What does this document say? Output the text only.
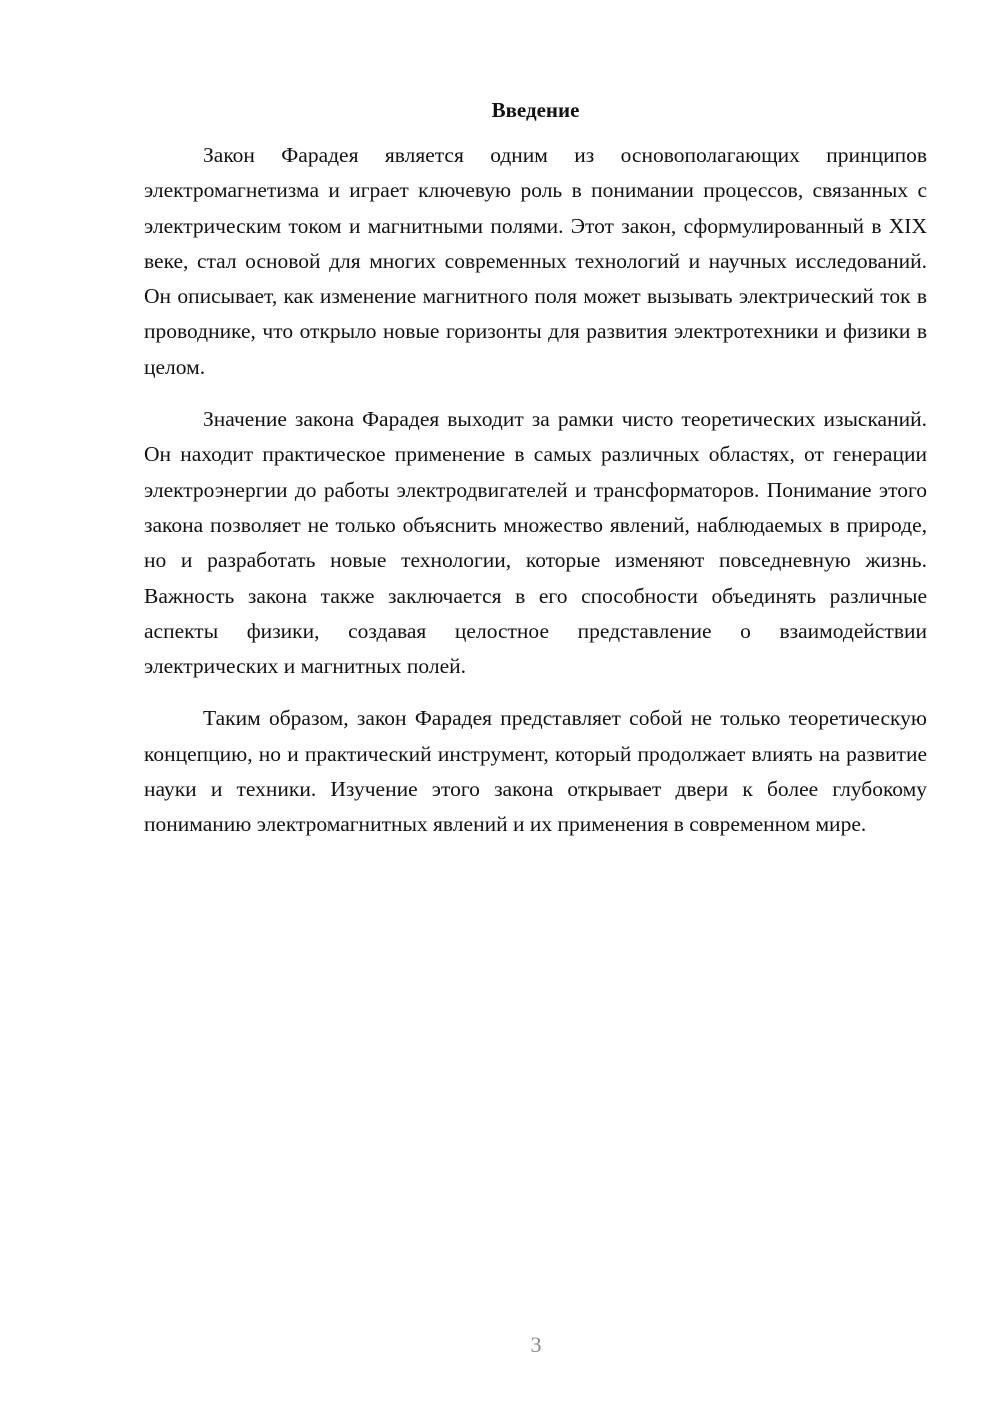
Введение

Закон Фарадея является одним из основополагающих принципов электромагнетизма и играет ключевую роль в понимании процессов, связанных с электрическим током и магнитными полями. Этот закон, сформулированный в XIX веке, стал основой для многих современных технологий и научных исследований. Он описывает, как изменение магнитного поля может вызывать электрический ток в проводнике, что открыло новые горизонты для развития электротехники и физики в целом.

Значение закона Фарадея выходит за рамки чисто теоретических изысканий. Он находит практическое применение в самых различных областях, от генерации электроэнергии до работы электродвигателей и трансформаторов. Понимание этого закона позволяет не только объяснить множество явлений, наблюдаемых в природе, но и разработать новые технологии, которые изменяют повседневную жизнь. Важность закона также заключается в его способности объединять различные аспекты физики, создавая целостное представление о взаимодействии электрических и магнитных полей.

Таким образом, закон Фарадея представляет собой не только теоретическую концепцию, но и практический инструмент, который продолжает влиять на развитие науки и техники. Изучение этого закона открывает двери к более глубокому пониманию электромагнитных явлений и их применения в современном мире.

3
